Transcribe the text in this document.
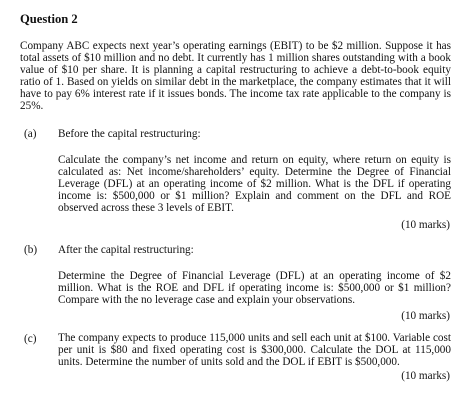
Question 2
Company ABC expects next year’s operating earnings (EBIT) to be $2 million. Suppose it has total assets of $10 million and no debt. It currently has 1 million shares outstanding with a book value of $10 per share. It is planning a capital restructuring to achieve a debt-to-book equity ratio of 1. Based on yields on similar debt in the marketplace, the company estimates that it will have to pay 6% interest rate if it issues bonds. The income tax rate applicable to the company is 25%.
(a) Before the capital restructuring:
Calculate the company’s net income and return on equity, where return on equity is calculated as: Net income/shareholders’ equity. Determine the Degree of Financial Leverage (DFL) at an operating income of $2 million. What is the DFL if operating income is: $500,000 or $1 million? Explain and comment on the DFL and ROE observed across these 3 levels of EBIT.
(10 marks)
(b) After the capital restructuring:
Determine the Degree of Financial Leverage (DFL) at an operating income of $2 million. What is the ROE and DFL if operating income is: $500,000 or $1 million? Compare with the no leverage case and explain your observations.
(10 marks)
(c) The company expects to produce 115,000 units and sell each unit at $100. Variable cost per unit is $80 and fixed operating cost is $300,000. Calculate the DOL at 115,000 units. Determine the number of units sold and the DOL if EBIT is $500,000.
(10 marks)
